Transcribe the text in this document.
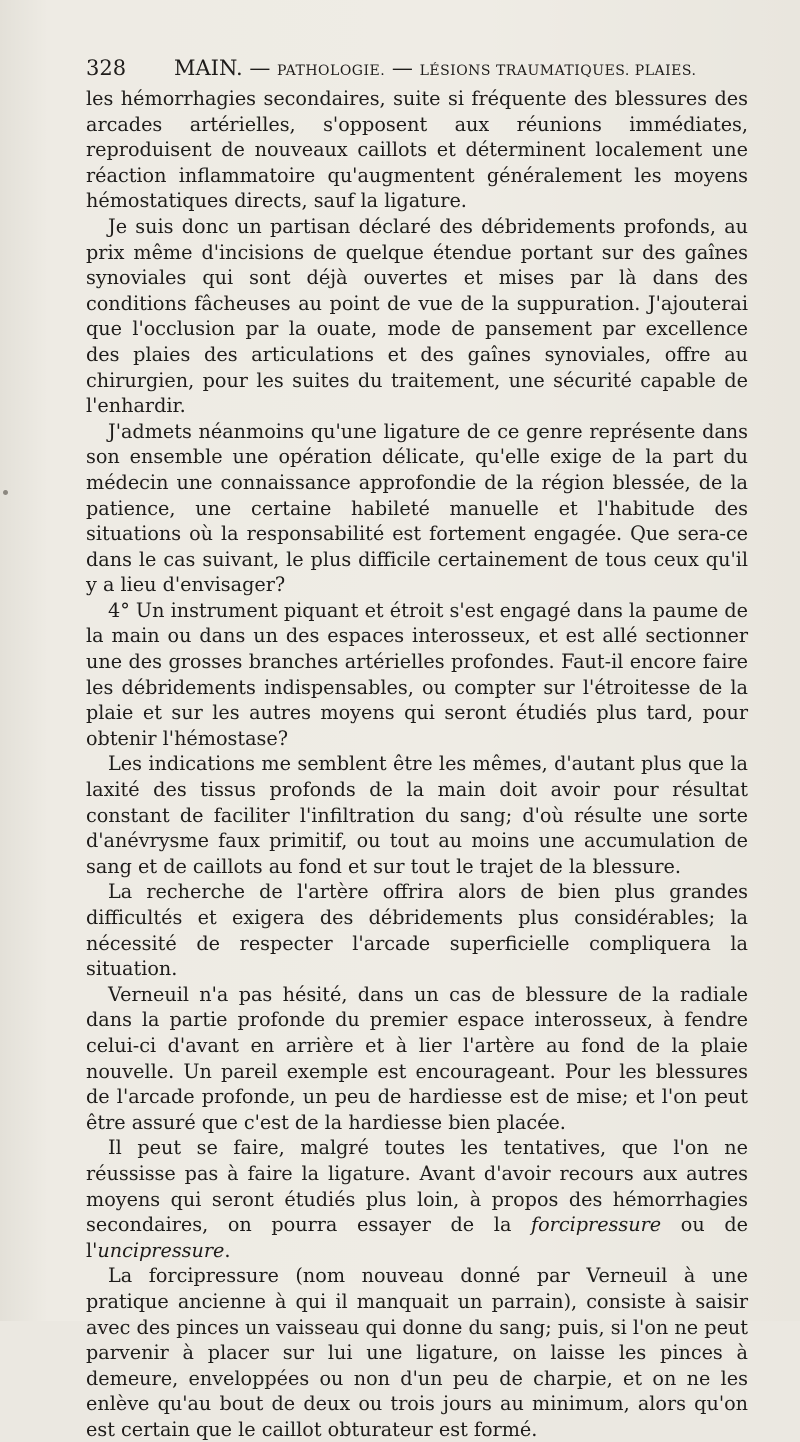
328 MAIN. — PATHOLOGIE. — LÉSIONS TRAUMATIQUES. PLAIES.

les hémorrhagies secondaires, suite si fréquente des blessures des arcades artérielles, s'opposent aux réunions immédiates, reproduisent de nouveaux caillots et déterminent localement une réaction inflammatoire qu'augmentent généralement les moyens hémostatiques directs, sauf la ligature.

Je suis donc un partisan déclaré des débridements profonds, au prix même d'incisions de quelque étendue portant sur des gaînes synoviales qui sont déjà ouvertes et mises par là dans des conditions fâcheuses au point de vue de la suppuration. J'ajouterai que l'occlusion par la ouate, mode de pansement par excellence des plaies des articulations et des gaînes synoviales, offre au chirurgien, pour les suites du traitement, une sécurité capable de l'enhardir.

J'admets néanmoins qu'une ligature de ce genre représente dans son ensemble une opération délicate, qu'elle exige de la part du médecin une connaissance approfondie de la région blessée, de la patience, une certaine habileté manuelle et l'habitude des situations où la responsabilité est fortement engagée. Que sera-ce dans le cas suivant, le plus difficile certainement de tous ceux qu'il y a lieu d'envisager?

4° Un instrument piquant et étroit s'est engagé dans la paume de la main ou dans un des espaces interosseux, et est allé sectionner une des grosses branches artérielles profondes. Faut-il encore faire les débridements indispensables, ou compter sur l'étroitesse de la plaie et sur les autres moyens qui seront étudiés plus tard, pour obtenir l'hémostase?

Les indications me semblent être les mêmes, d'autant plus que la laxité des tissus profonds de la main doit avoir pour résultat constant de faciliter l'infiltration du sang; d'où résulte une sorte d'anévrysme faux primitif, ou tout au moins une accumulation de sang et de caillots au fond et sur tout le trajet de la blessure.

La recherche de l'artère offrira alors de bien plus grandes difficultés et exigera des débridements plus considérables; la nécessité de respecter l'arcade superficielle compliquera la situation.

Verneuil n'a pas hésité, dans un cas de blessure de la radiale dans la partie profonde du premier espace interosseux, à fendre celui-ci d'avant en arrière et à lier l'artère au fond de la plaie nouvelle. Un pareil exemple est encourageant. Pour les blessures de l'arcade profonde, un peu de hardiesse est de mise; et l'on peut être assuré que c'est de la hardiesse bien placée.

Il peut se faire, malgré toutes les tentatives, que l'on ne réussisse pas à faire la ligature. Avant d'avoir recours aux autres moyens qui seront étudiés plus loin, à propos des hémorrhagies secondaires, on pourra essayer de la forcipressure ou de l'uncipressure.

La forcipressure (nom nouveau donné par Verneuil à une pratique ancienne à qui il manquait un parrain), consiste à saisir avec des pinces un vaisseau qui donne du sang; puis, si l'on ne peut parvenir à placer sur lui une ligature, on laisse les pinces à demeure, enveloppées ou non d'un peu de charpie, et on ne les enlève qu'au bout de deux ou trois jours au minimum, alors qu'on est certain que le caillot obturateur est formé.
